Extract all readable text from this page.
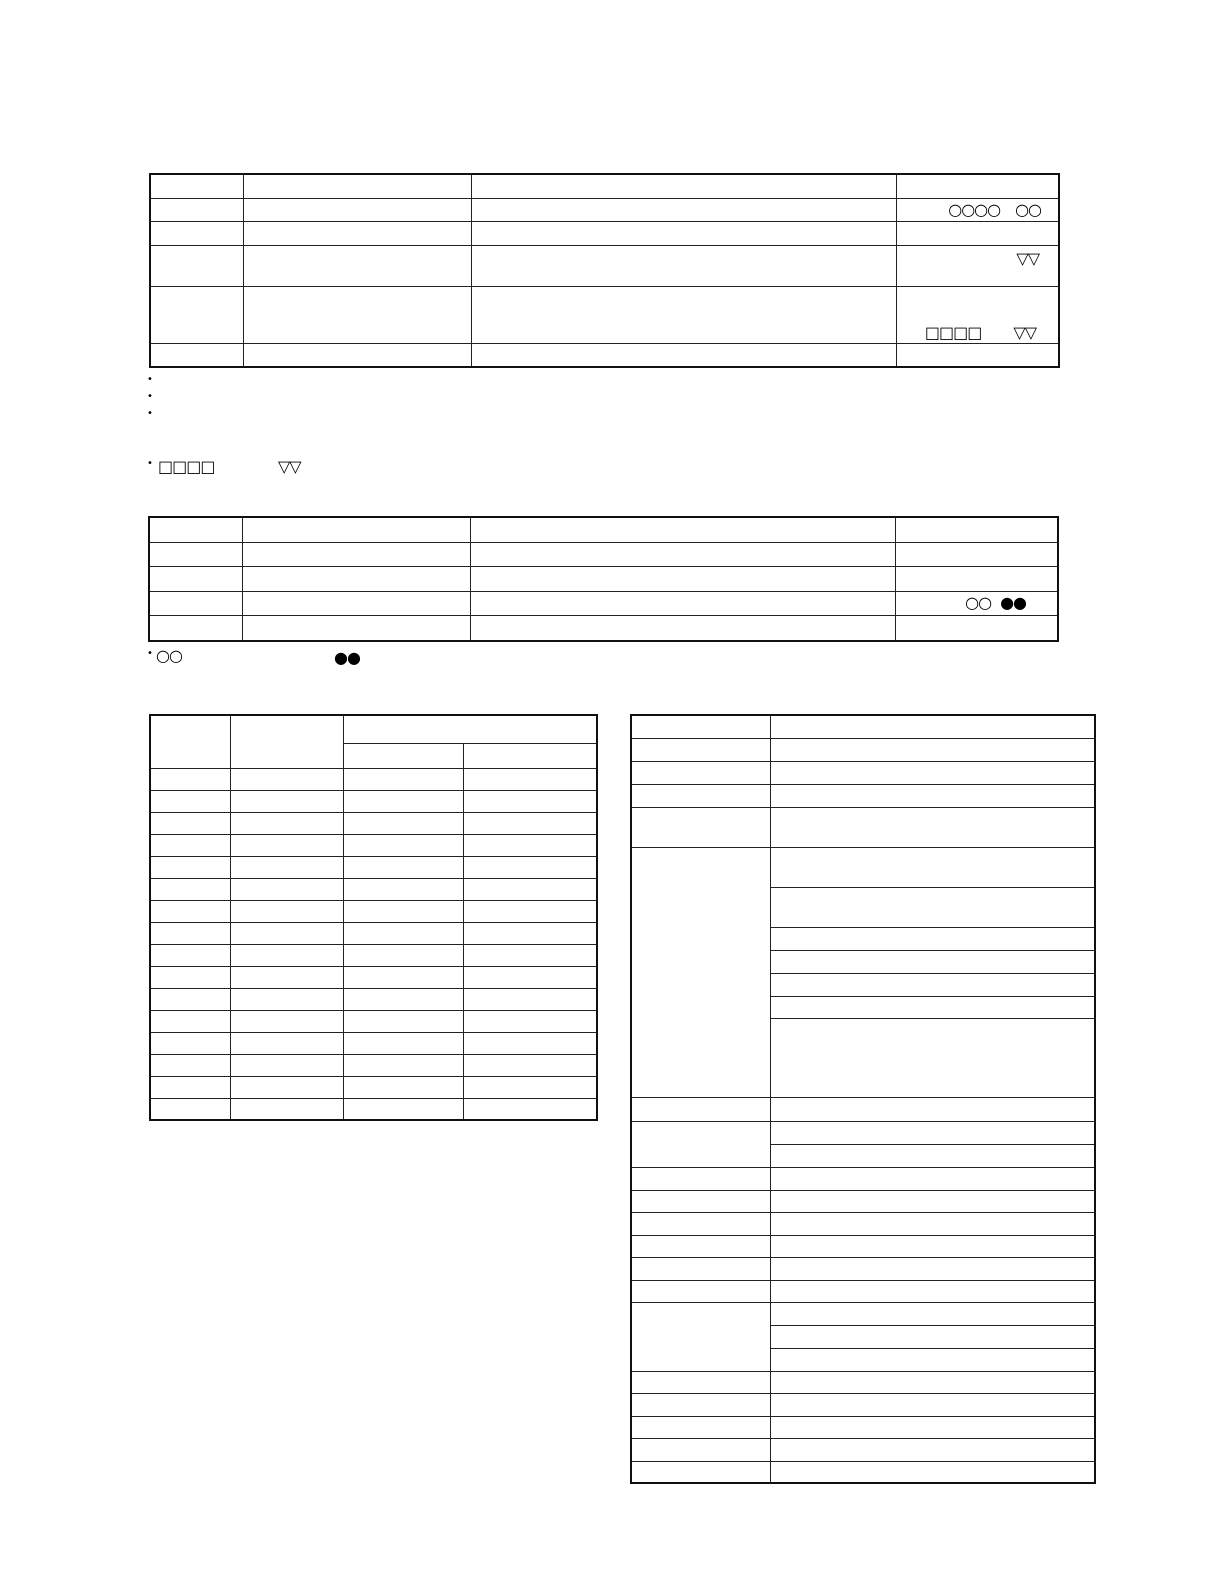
			○○○○ ○○

			▽▽
			□□□□ ▽▽

•
•
•
• □□□□	▽▽

			○○ ●●

• ○○	●●
